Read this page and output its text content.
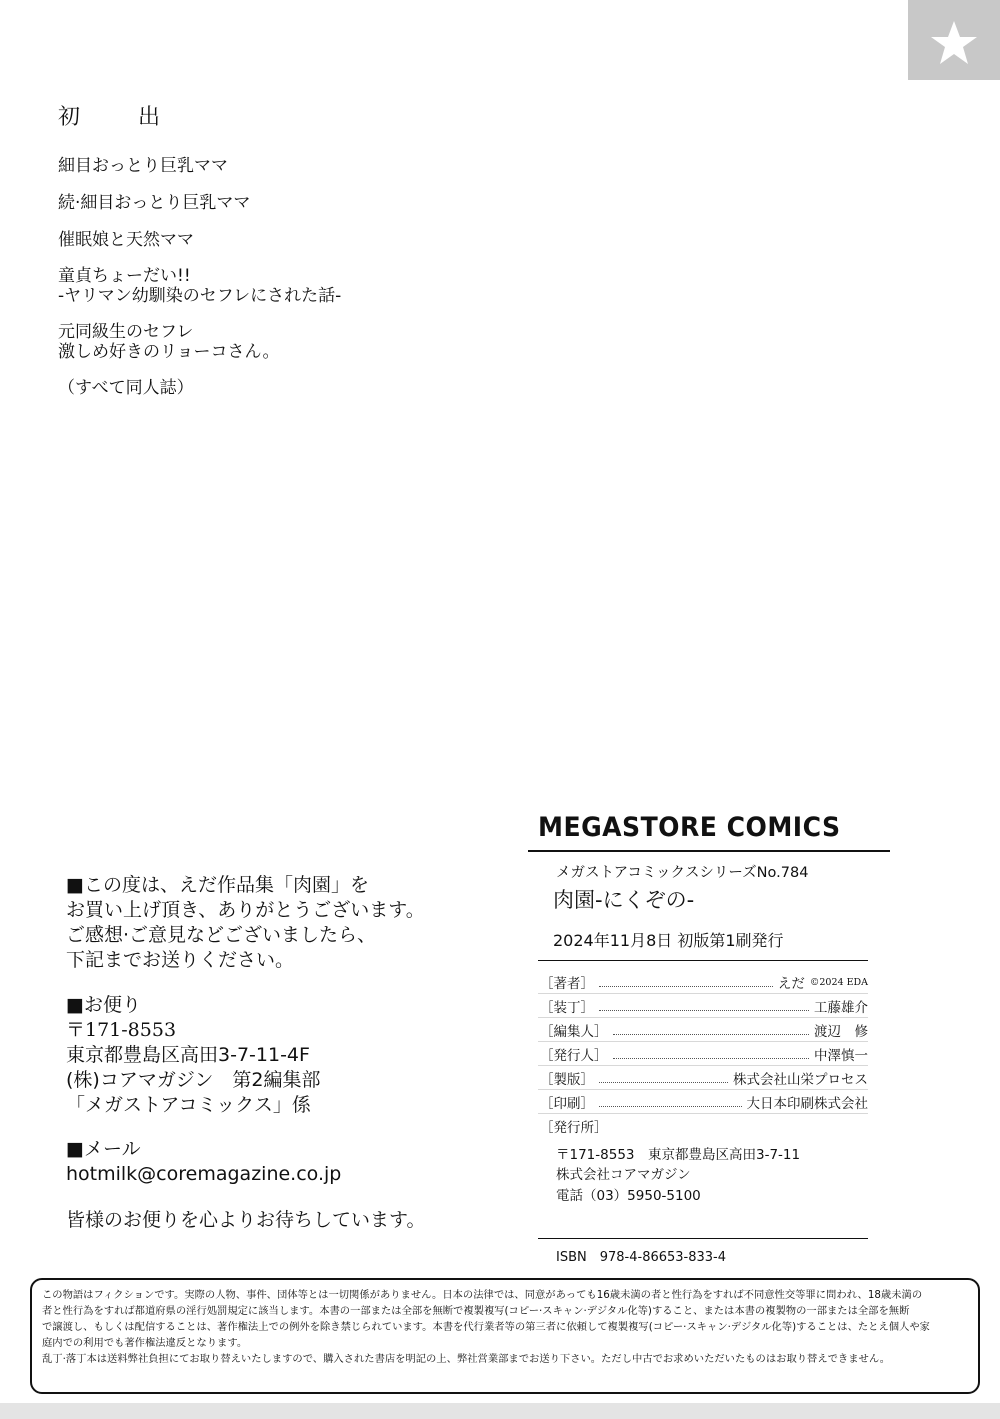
初　出
細目おっとり巨乳ママ
続·細目おっとり巨乳ママ
催眠娘と天然ママ
童貞ちょーだい!!
-ヤリマン幼馴染のセフレにされた話-
元同級生のセフレ
激しめ好きのリョーコさん。
（すべて同人誌）
■この度は、えだ作品集「肉園」を
お買い上げ頂き、ありがとうございます。
ご感想·ご意見などございましたら、
下記までお送りください。
■お便り
〒171-8553
東京都豊島区高田3-7-11-4F
(株)コアマガジン　第2編集部
「メガストアコミックス」係
■メール
hotmilk@coremagazine.co.jp
皆様のお便りを心よりお待ちしています。
MEGASTORE COMICS
メガストアコミックスシリーズNo.784
肉園-にくぞの-
2024年11月8日 初版第1刷発行
［著者］	えだ ©2024 EDA
［装丁］	工藤雄介
［編集人］	渡辺　修
［発行人］	中澤慎一
［製版］	株式会社山栄プロセス
［印刷］	大日本印刷株式会社
［発行所］
〒171-8553　東京都豊島区高田3-7-11
株式会社コアマガジン
電話（03）5950-5100
ISBN　978-4-86653-833-4
この物語はフィクションです。実際の人物、事件、団体等とは一切関係がありません。日本の法律では、同意があっても16歳未満の者と性行為をすれば不同意性交等罪に問われ、18歳未満の
者と性行為をすれば都道府県の淫行処罰規定に該当します。本書の一部または全部を無断で複製複写(コピー·スキャン·デジタル化等)すること、または本書の複製物の一部または全部を無断
で譲渡し、もしくは配信することは、著作権法上での例外を除き禁じられています。本書を代行業者等の第三者に依頼して複製複写(コピー·スキャン·デジタル化等)することは、たとえ個人や家
庭内での利用でも著作権法違反となります。
乱丁·落丁本は送料弊社負担にてお取り替えいたしますので、購入された書店を明記の上、弊社営業部までお送り下さい。ただし中古でお求めいただいたものはお取り替えできません。
